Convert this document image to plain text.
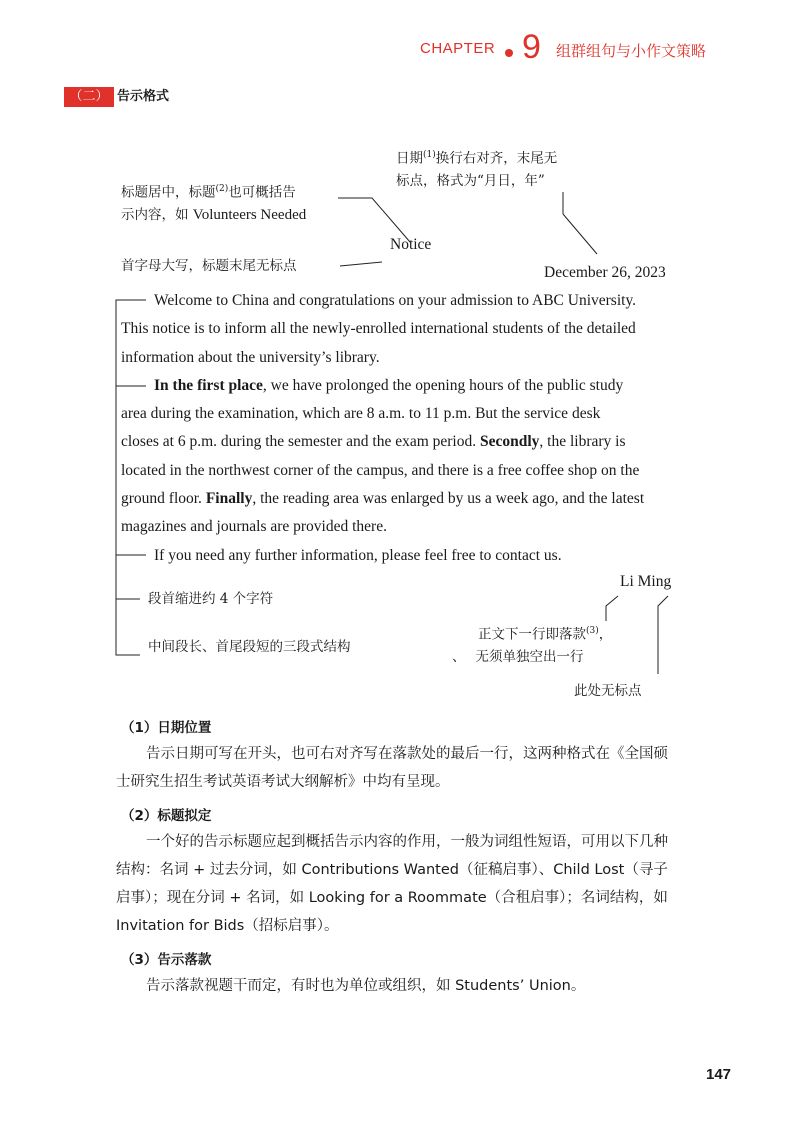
CHAPTER 9 组群组句与小作文策略
（二） 告示格式
日期$^{(1)}$换行右对齐，末尾无
标点，格式为“月日，年”
标题居中，标题$^{(2)}$也可概括告
示内容，如 Volunteers Needed
首字母大写，标题末尾无标点
Notice
December 26, 2023
Welcome to China and congratulations on your admission to ABC University.
This notice is to inform all the newly-enrolled international students of the detailed
information about the university’s library.
In the first place, we have prolonged the opening hours of the public study
area during the examination, which are 8 a.m. to 11 p.m. But the service desk
closes at 6 p.m. during the semester and the exam period. Secondly, the library is
located in the northwest corner of the campus, and there is a free coffee shop on the
ground floor. Finally, the reading area was enlarged by us a week ago, and the latest
magazines and journals are provided there.
If you need any further information, please feel free to contact us.
Li Ming
段首缩进约 4 个字符
中间段长、首尾段短的三段式结构
正文下一行即落款$^{(3)}$，
、 无须单独空出一行
此处无标点
（1）日期位置
告示日期可写在开头，也可右对齐写在落款处的最后一行，这两种格式在《全国硕士研究生招生考试英语考试大纲解析》中均有呈现。
（2）标题拟定
一个好的告示标题应起到概括告示内容的作用，一般为词组性短语，可用以下几种结构：名词 + 过去分词，如 Contributions Wanted（征稿启事）、Child Lost（寻子启事）；现在分词 + 名词，如 Looking for a Roommate（合租启事）；名词结构，如 Invitation for Bids（招标启事）。
（3）告示落款
告示落款视题干而定，有时也为单位或组织，如 Students’ Union。
147
